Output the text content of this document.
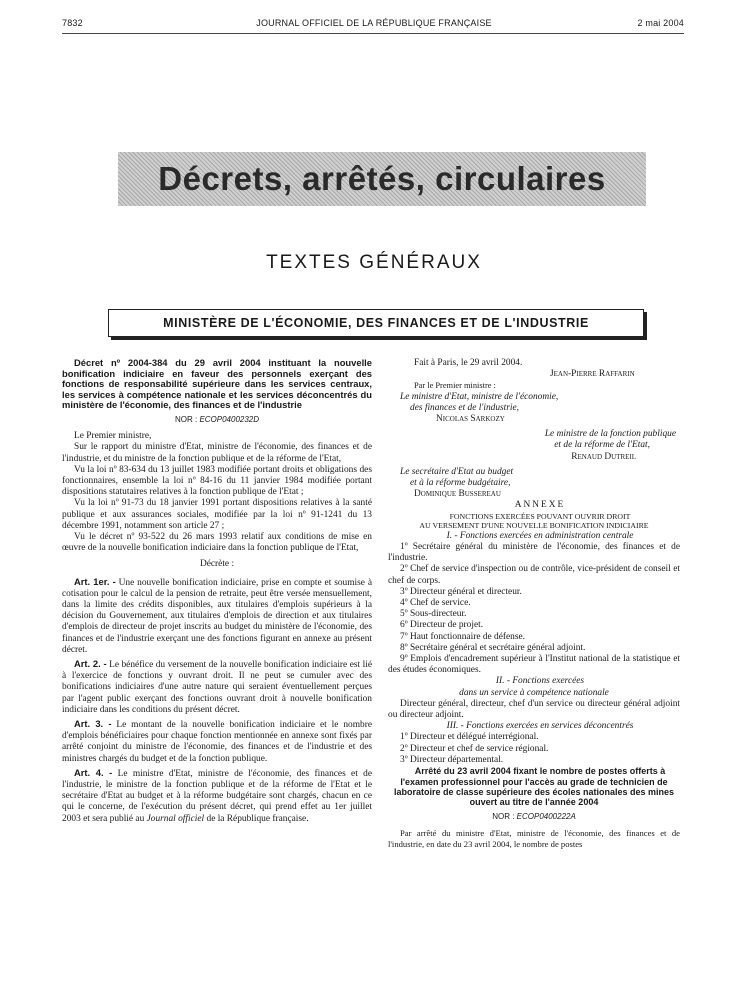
7832	JOURNAL OFFICIEL DE LA RÉPUBLIQUE FRANÇAISE	2 mai 2004
Décrets, arrêtés, circulaires
TEXTES GÉNÉRAUX
MINISTÈRE DE L'ÉCONOMIE, DES FINANCES ET DE L'INDUSTRIE

Décret nº 2004-384 du 29 avril 2004 instituant la nouvelle bonification indiciaire en faveur des personnels exerçant des fonctions de responsabilité supérieure dans les services centraux, les services à compétence nationale et les services déconcentrés du ministère de l'économie, des finances et de l'industrie

NOR : ECOP0400232D

Le Premier ministre,

Sur le rapport du ministre d'Etat, ministre de l'économie, des finances et de l'industrie, et du ministre de la fonction publique et de la réforme de l'Etat,

Vu la loi nº 83-634 du 13 juillet 1983 modifiée portant droits et obligations des fonctionnaires, ensemble la loi nº 84-16 du 11 janvier 1984 modifiée portant dispositions statutaires relatives à la fonction publique de l'Etat ;

Vu la loi nº 91-73 du 18 janvier 1991 portant dispositions relatives à la santé publique et aux assurances sociales, modifiée par la loi nº 91-1241 du 13 décembre 1991, notamment son article 27 ;

Vu le décret nº 93-522 du 26 mars 1993 relatif aux conditions de mise en œuvre de la nouvelle bonification indiciaire dans la fonction publique de l'Etat,

Décrète :

Art. 1er. - Une nouvelle bonification indiciaire, prise en compte et soumise à cotisation pour le calcul de la pension de retraite, peut être versée mensuellement, dans la limite des crédits disponibles, aux titulaires d'emplois supérieurs à la décision du Gouvernement, aux titulaires d'emplois de direction et aux titulaires d'emplois de directeur de projet inscrits au budget du ministère de l'économie, des finances et de l'industrie exerçant une des fonctions figurant en annexe au présent décret.

Art. 2. - Le bénéfice du versement de la nouvelle bonification indiciaire est lié à l'exercice de fonctions y ouvrant droit. Il ne peut se cumuler avec des bonifications indiciaires d'une autre nature qui seraient éventuellement perçues par l'agent public exerçant des fonctions ouvrant droit à nouvelle bonification indiciaire dans les conditions du présent décret.

Art. 3. - Le montant de la nouvelle bonification indiciaire et le nombre d'emplois bénéficiaires pour chaque fonction mentionnée en annexe sont fixés par arrêté conjoint du ministre de l'économie, des finances et de l'industrie et des ministres chargés du budget et de la fonction publique.

Art. 4. - Le ministre d'Etat, ministre de l'économie, des finances et de l'industrie, le ministre de la fonction publique et de la réforme de l'Etat et le secrétaire d'Etat au budget et à la réforme budgétaire sont chargés, chacun en ce qui le concerne, de l'exécution du présent décret, qui prend effet au 1er juillet 2003 et sera publié au Journal officiel de la République française.

Fait à Paris, le 29 avril 2004.

Jean-Pierre Raffarin

Par le Premier ministre :

Le ministre d'Etat, ministre de l'économie,

des finances et de l'industrie,

Nicolas Sarkozy

Le ministre de la fonction publique

et de la réforme de l'Etat,

Renaud Dutreil

Le secrétaire d'Etat au budget

et à la réforme budgétaire,

Dominique Bussereau

ANNEXE

FONCTIONS EXERCÉES POUVANT OUVRIR DROIT
AU VERSEMENT D'UNE NOUVELLE BONIFICATION INDICIAIRE

I. - Fonctions exercées en administration centrale

1º Secrétaire général du ministère de l'économie, des finances et de l'industrie.

2º Chef de service d'inspection ou de contrôle, vice-président de conseil et chef de corps.

3º Directeur général et directeur.

4º Chef de service.

5º Sous-directeur.

6º Directeur de projet.

7º Haut fonctionnaire de défense.

8º Secrétaire général et secrétaire général adjoint.

9º Emplois d'encadrement supérieur à l'Institut national de la statistique et des études économiques.

II. - Fonctions exercées
dans un service à compétence nationale

Directeur général, directeur, chef d'un service ou directeur général adjoint ou directeur adjoint.

III. - Fonctions exercées en services déconcentrés

1º Directeur et délégué interrégional.

2º Directeur et chef de service régional.

3º Directeur départemental.

Arrêté du 23 avril 2004 fixant le nombre de postes offerts à l'examen professionnel pour l'accès au grade de technicien de laboratoire de classe supérieure des écoles nationales des mines ouvert au titre de l'année 2004

NOR : ECOP0400222A

Par arrêté du ministre d'Etat, ministre de l'économie, des finances et de l'industrie, en date du 23 avril 2004, le nombre de postes
